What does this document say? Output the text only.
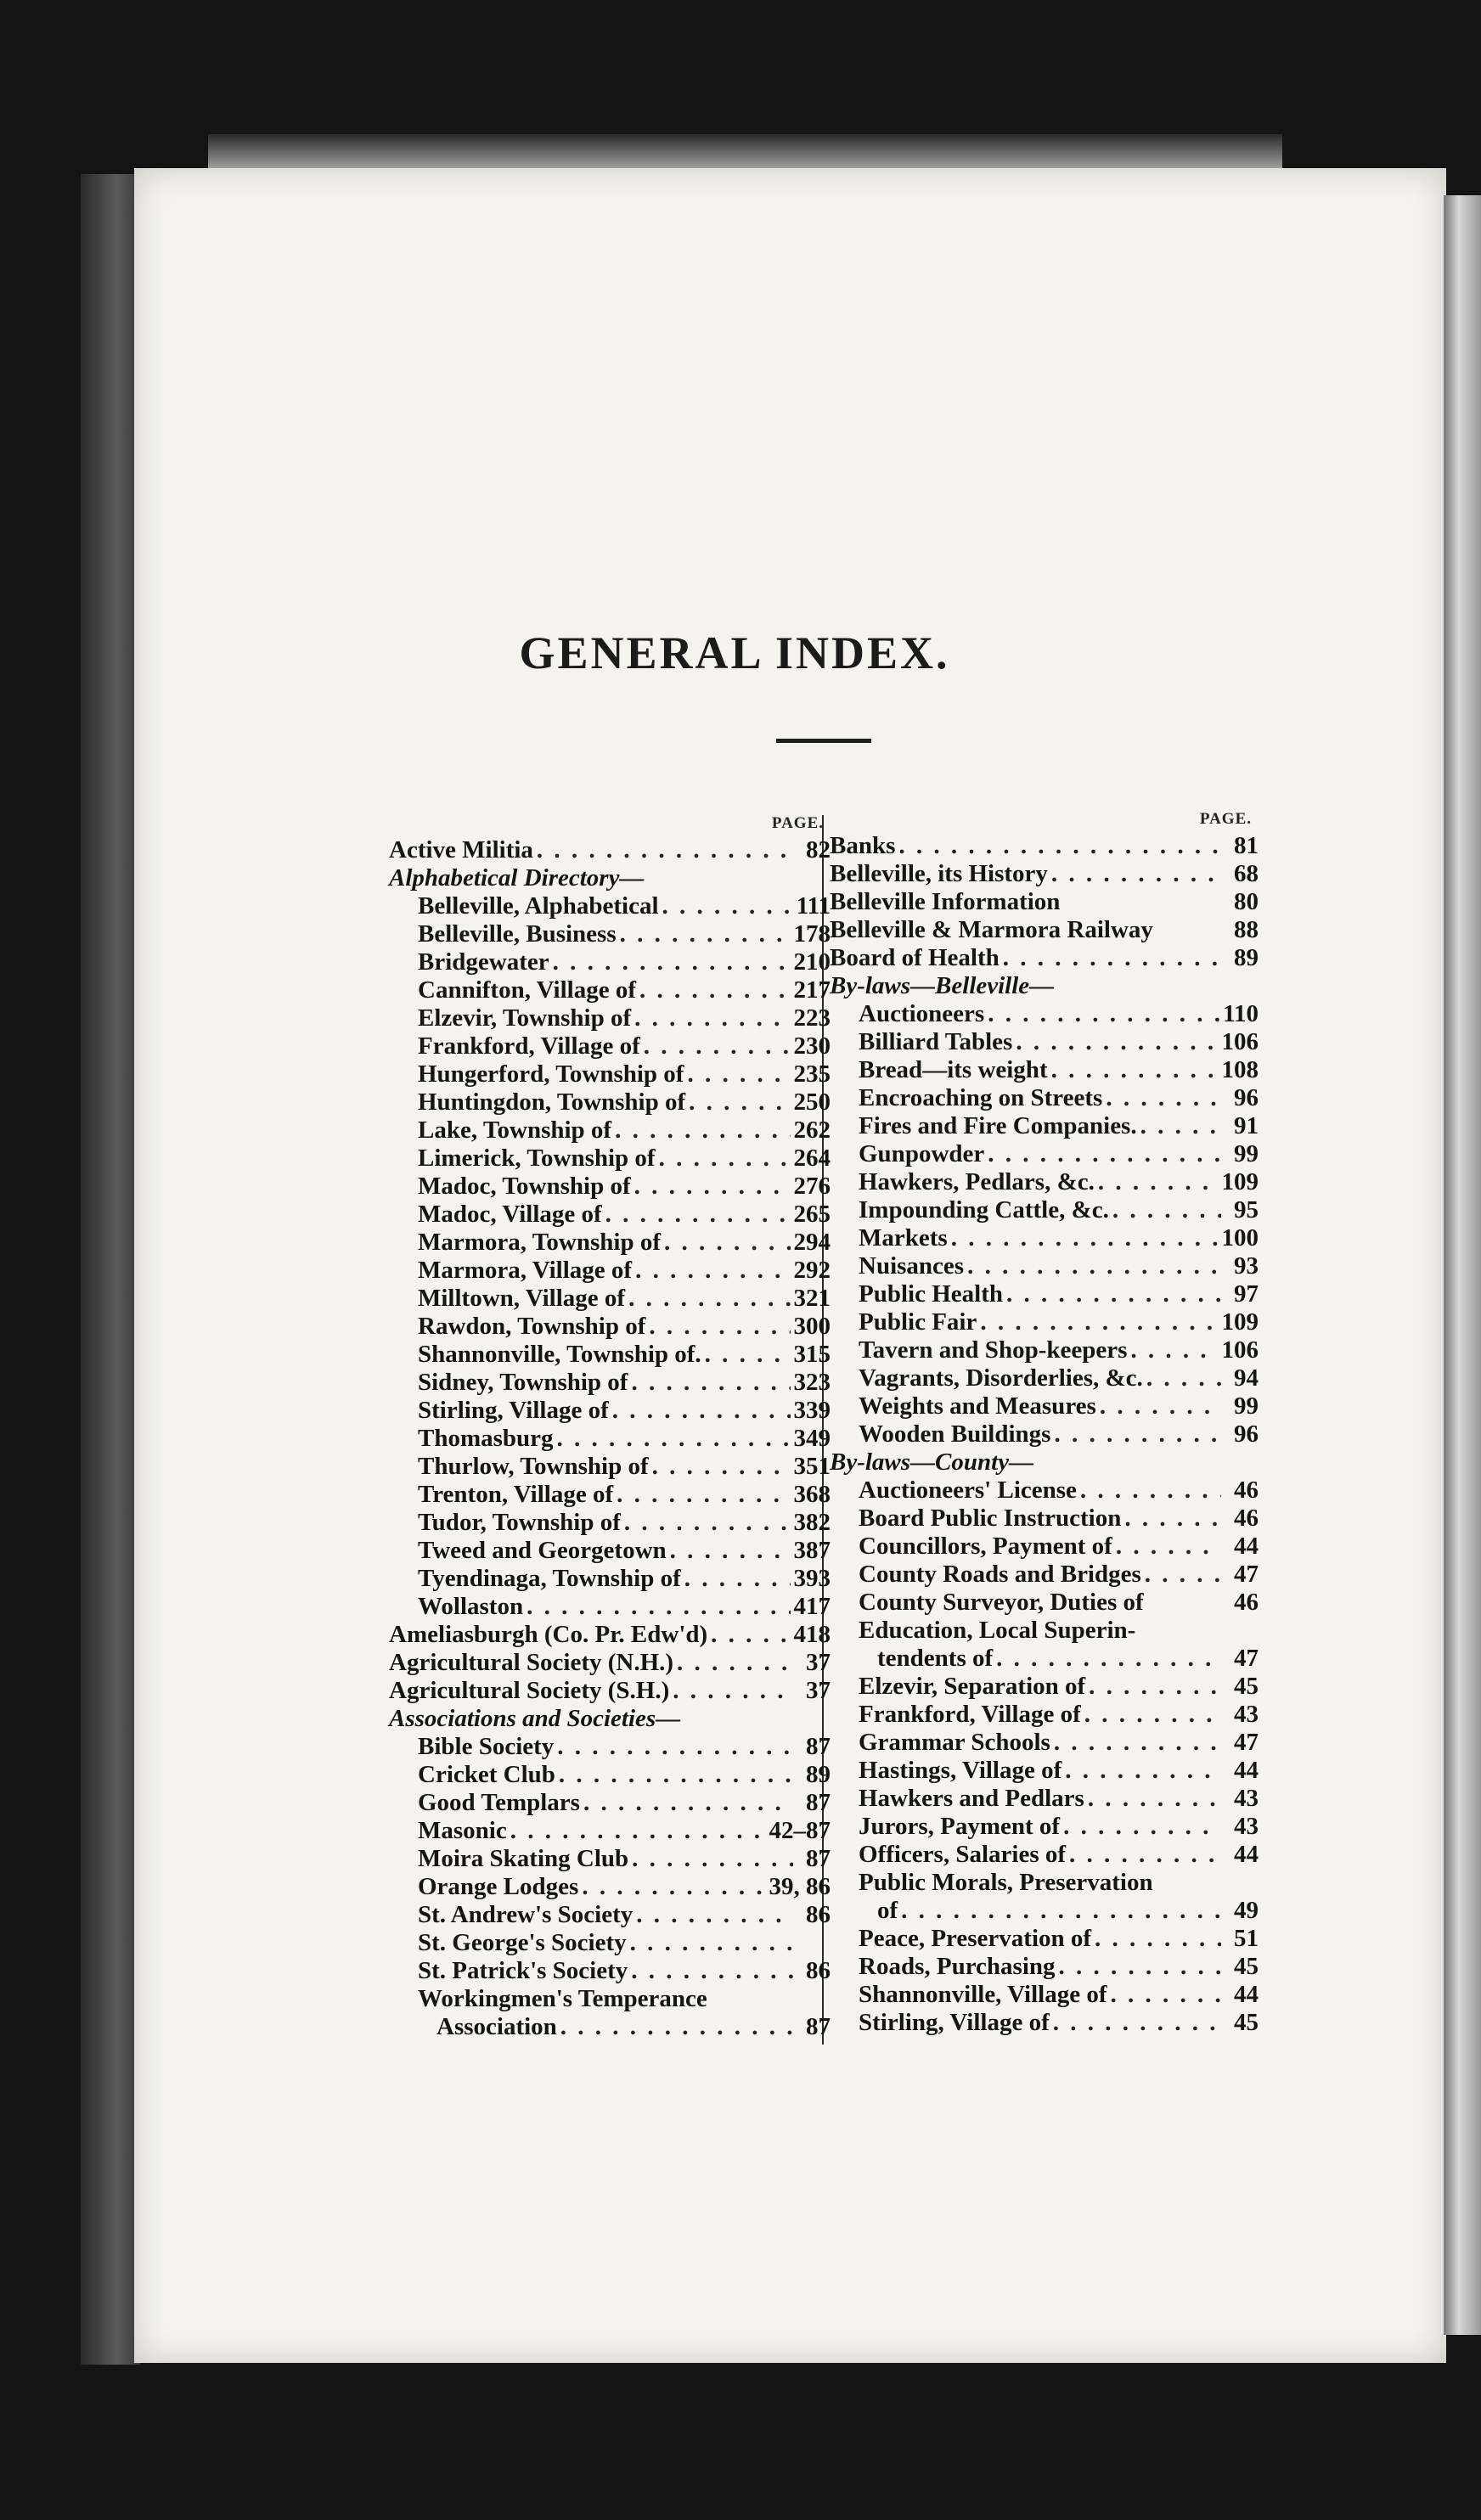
GENERAL INDEX.
PAGE.
Active Militia . . .	82
Alphabetical Directory—
Belleville, Alphabetical . . .	111
Belleville, Business . . .	178
Bridgewater . . .	210
Cannifton, Village of . . .	217
Elzevir, Township of . . .	223
Frankford, Village of . . .	230
Hungerford, Township of . . .	235
Huntingdon, Township of . . .	250
Lake, Township of . . .	262
Limerick, Township of . . .	264
Madoc, Township of . . .	276
Madoc, Village of . . .	265
Marmora, Township of . . .	294
Marmora, Village of . . .	292
Milltown, Village of . . .	321
Rawdon, Township of . . .	300
Shannonville, Township of. . . .	315
Sidney, Township of . . .	323
Stirling, Village of . . .	339
Thomasburg . . .	349
Thurlow, Township of . . .	351
Trenton, Village of . . .	368
Tudor, Township of . . .	382
Tweed and Georgetown . . .	387
Tyendinaga, Township of . . .	393
Wollaston . . .	417
Ameliasburgh (Co. Pr. Edw'd) . . .	418
Agricultural Society (N.H.) . . .	37
Agricultural Society (S.H.) . . .	37
Associations and Societies—
Bible Society . . .	87
Cricket Club . . .	89
Good Templars . . .	87
Masonic . . .	42–87
Moira Skating Club . . .	87
Orange Lodges . . .	39, 86
St. Andrew's Society . . .	86
St. George's Society
. . .
St. Patrick's Society . . .	86
Workingmen's Temperance
Association . . .	87
PAGE.
Banks . . .	81
Belleville, its History . . .	68
Belleville Information	80
Belleville & Marmora Railway	88
Board of Health . . .	89
By-laws—Belleville—
Auctioneers . . .	110
Billiard Tables . . .	106
Bread—its weight . . .	108
Encroaching on Streets . . .	96
Fires and Fire Companies. . . .	91
Gunpowder . . .	99
Hawkers, Pedlars, &c. . . .	109
Impounding Cattle, &c. . . .	95
Markets . . .	100
Nuisances . . .	93
Public Health . . .	97
Public Fair . . .	109
Tavern and Shop-keepers . . .	106
Vagrants, Disorderlies, &c. . . .	94
Weights and Measures . . .	99
Wooden Buildings . . .	96
By-laws—County—
Auctioneers' License . . .	46
Board Public Instruction . . .	46
Councillors, Payment of . . .	44
County Roads and Bridges . . .	47
County Surveyor, Duties of	46
Education, Local Superin-
tendents of . . .	47
Elzevir, Separation of . . .	45
Frankford, Village of . . .	43
Grammar Schools . . .	47
Hastings, Village of . . .	44
Hawkers and Pedlars . . .	43
Jurors, Payment of . . .	43
Officers, Salaries of . . .	44
Public Morals, Preservation
of . . .	49
Peace, Preservation of . . .	51
Roads, Purchasing . . .	45
Shannonville, Village of . . .	44
Stirling, Village of . . .	45
